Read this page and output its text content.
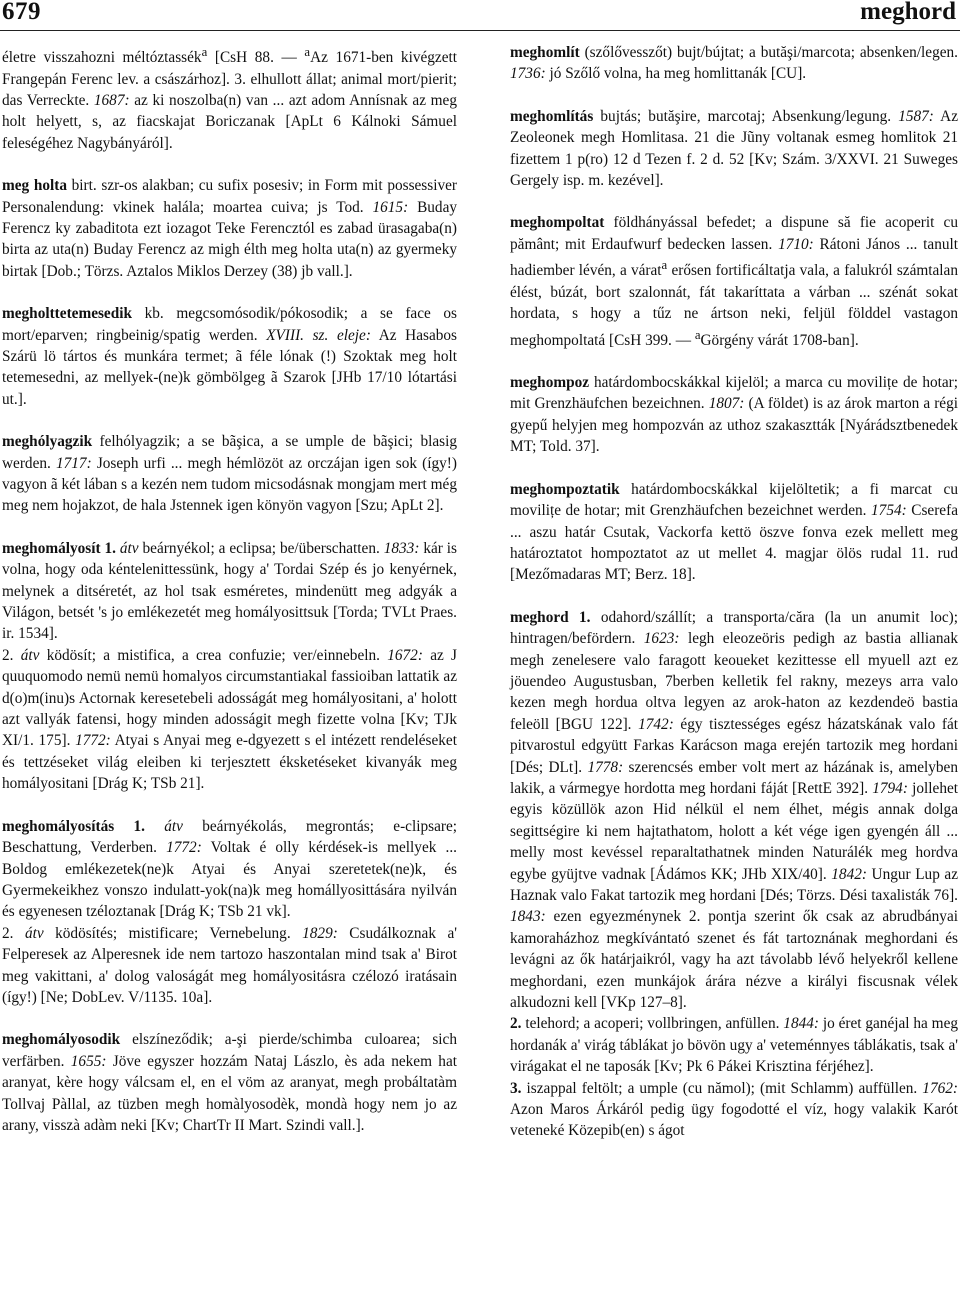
679	meghord

életre visszahozni méltóztassék$^a$ [CsH 88. — $^a$Az 1671-ben kivégzett Frangepán Ferenc lev. a császárhoz]. 3. elhullott állat; animal mort/pierit; das Verreckte. 1687: az ki noszolba(n) van ... azt adom Annísnak az meg holt helyett, s, az fiacskajat Boriczanak [ApLt 6 Kálnoki Sámuel feleségéhez Nagybányáról].

meg holta birt. szr-os alakban; cu sufix posesiv; in Form mit possessiver Personalendung: vkinek halála; moartea cuiva; js Tod. 1615: Buday Ferencz ky zabaditota ezt iozagot Teke Ferencztól es zabad ürasagaba(n) birta az uta(n) Buday Ferencz az migh élth meg holta uta(n) az gyermeky birtak [Dob.; Törzs. Aztalos Miklos Derzey (38) jb vall.].

megholttetemesedik kb. megcsomósodik/pókosodik; a se face os mort/eparven; ringbeinig/spatig werden. XVIII. sz. eleje: Az Hasabos Szárü lö tártos és munkára termet; ã féle lónak (!) Szoktak meg holt tetemesedni, az mellyek-(ne)k gömbölgeg ã Szarok [JHb 17/10 lótartási ut.].

meghólyagzik felhólyagzik; a se bãşica, a se umple de bãşici; blasig werden. 1717: Joseph urfi ... megh hémlözöt az orczájan igen sok (így!) vagyon ã két lában s a kezén nem tudom micsodásnak mongjam mert még meg nem hojakzot, de hala Jstennek igen könyön vagyon [Szu; ApLt 2].

meghomályosít 1. átv beárnyékol; a eclipsa; be/überschatten. 1833: kár is volna, hogy oda kéntelenittessünk, hogy a' Tordai Szép és jo kenyérnek, melynek a ditséretét, az hol tsak esméretes, mindenütt meg adgyák a Világon, betsét 's jo emlékezetét meg homályosittsuk [Torda; TVLt Praes. ir. 1534].

2. átv ködösít; a mistifica, a crea confuzie; ver/einnebeln. 1672: az J quuquomodo nemü nemü homalyos circumstantiakal fassioiban lattatik az d(o)m(inu)s Actornak keresetebeli adosságát meg homályositani, a' holott azt vallyák fatensi, hogy minden adosságit megh fizette volna [Kv; TJk XI/1. 175]. 1772: Atyai s Anyai meg e-dgyezett s el intézett rendeléseket és tettzéseket világ eleiben ki terjesztett éksketéseket kivanyák meg homályositani [Drág K; TSb 21].

meghomályosítás 1. átv beárnyékolás, megrontás; e-clipsare; Beschattung, Verderben. 1772: Voltak é olly kérdések-is mellyek ... Boldog emlékezetek(ne)k Atyai és Anyai szeretetek(ne)k, és Gyermekeikhez vonszo indulatt-yok(na)k meg homállyosittására nyilván és egyenesen tzéloztanak [Drág K; TSb 21 vk].

2. átv ködösítés; mistificare; Vernebelung. 1829: Csudálkoznak a' Felperesek az Alperesnek ide nem tartozo haszontalan mind tsak a' Birot meg vakittani, a' dolog valoságát meg homályositásra czélozó iratásain (így!) [Ne; DobLev. V/1135. 10a].

meghomályosodik elszíneződik; a-şi pierde/schimba culoarea; sich verfärben. 1655: Jöve egyszer hozzám Nataj Lászlo, ès ada nekem hat aranyat, kère hogy válcsam el, en el vöm az aranyat, megh probáltatàm Tollvaj Pàllal, az tüzben megh homàlyosodèk, mondà hogy nem jo az arany, visszà adàm neki [Kv; ChartTr II Mart. Szindi vall.].

meghomlít (szőlővesszőt) bujt/bújtat; a butăşi/marcota; absenken/legen. 1736: jó Szőlő volna, ha meg homlittanák [CU].

meghomlítás bujtás; butăşire, marcotaj; Absenkung/legung. 1587: Az Zeoleonek megh Homlitasa. 21 die Jũny voltanak esmeg homlitok 21 fizettem 1 p(ro) 12 d Tezen f. 2 d. 52 [Kv; Szám. 3/XXVI. 21 Suweges Gergely isp. m. kezével].

meghompoltat földhányással befedet; a dispune să fie acoperit cu pământ; mit Erdaufwurf bedecken lassen. 1710: Rátoni János ... tanult hadiember lévén, a várat$^a$ erősen fortificáltatja vala, a falukról számtalan élést, búzát, bort szalonnát, fát takaríttata a várban ... szénát sokat hordata, s hogy a tűz ne ártson neki, feljül földdel vastagon meghompoltatá [CsH 399. — $^a$Görgény várát 1708-ban].

meghompoz határdombocskákkal kijelöl; a marca cu movilițe de hotar; mit Grenzhäufchen bezeichnen. 1807: (A földet) is az árok marton a régi gyepű helyjen meg hompozván az uthoz szakasztták [Nyárádsztbenedek MT; Told. 37].

meghompoztatik határdombocskákkal kijelöltetik; a fi marcat cu movilițe de hotar; mit Grenzhäufchen bezeichnet werden. 1754: Cserefa ... aszu határ Csutak, Vackorfa kettö öszve fonva ezek mellett meg határoztatot hompoztatot az ut mellet 4. magjar ölös rudal 11. rud [Mezőmadaras MT; Berz. 18].

meghord 1. odahord/szállít; a transporta/căra (la un anumit loc); hintragen/befördern. 1623: legh eleozeöris pedigh az bastia allianak megh zenelesere valo faragott keoueket kezittesse ell myuell azt ez jöuendeo Augustusban, 7berben kelletik fel rakny, mezeys arra valo kezen megh hordua oltva legyen az arok-haton az kezdendeö bastia feleöll [BGU 122]. 1742: égy tisztességes egész házatskának valo fát pitvarostul edgyütt Farkas Karácson maga erején tartozik meg hordani [Dés; DLt]. 1778: szerencsés ember volt mert az házának is, amelyben lakik, a vármegye hordotta meg hordani fáját [RettE 392]. 1794: jollehet egyis közüllök azon Hid nélkül el nem élhet, mégis annak dolga segittségire ki nem hajtathatom, holott a két vége igen gyengén áll ... melly most kevéssel reparaltathatnek minden Naturálék meg hordva egybe gyüjtve vadnak [Ádámos KK; JHb XIX/40]. 1842: Ungur Lup az Haznak valo Fakat tartozik meg hordani [Dés; Törzs. Dési taxalisták 76]. 1843: ezen egyezménynek 2. pontja szerint ők csak az abrudbányai kamoraházhoz megkívántató szenet és fát tartoznának meghordani és levágni az ők határjaikról, vagy ha azt távolabb lévő helyekről kellene meghordani, ezen munkájok árára nézve a királyi fiscusnak vélek alkudozni kell [VKp 127–8].

2. telehord; a acoperi; vollbringen, anfüllen. 1844: jo éret ganéjal ha meg hordanák a' virág táblákat jo bövön ugy a' veteménnyes táblákatis, tsak a' virágakat el ne taposák [Kv; Pk 6 Pákei Krisztina férjéhez].

3. iszappal feltölt; a umple (cu nămol); (mit Schlamm) auffüllen. 1762: Azon Maros Árkáról pedig ügy fogodotté el víz, hogy valakik Karót veteneké Közepib(en) s ágot
